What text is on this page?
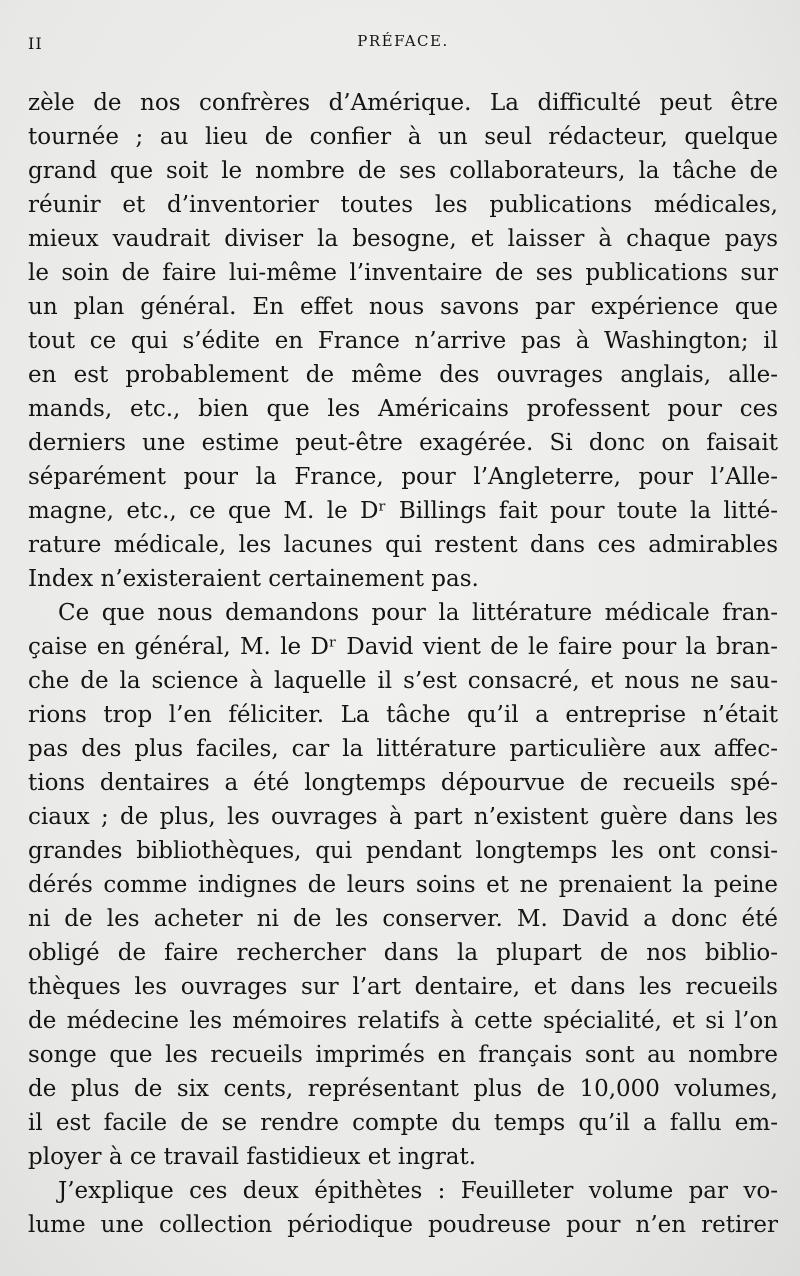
II	PRÉFACE.
zèle de nos confrères d’Amérique. La difficulté peut être
tournée ; au lieu de confier à un seul rédacteur, quelque
grand que soit le nombre de ses collaborateurs, la tâche de
réunir et d’inventorier toutes les publications médicales,
mieux vaudrait diviser la besogne, et laisser à chaque pays
le soin de faire lui-même l’inventaire de ses publications sur
un plan général. En effet nous savons par expérience que
tout ce qui s’édite en France n’arrive pas à Washington; il
en est probablement de même des ouvrages anglais, alle-
mands, etc., bien que les Américains professent pour ces
derniers une estime peut-être exagérée. Si donc on faisait
séparément pour la France, pour l’Angleterre, pour l’Alle-
magne, etc., ce que M. le Dʳ Billings fait pour toute la litté-
rature médicale, les lacunes qui restent dans ces admirables
Index n’existeraient certainement pas.
Ce que nous demandons pour la littérature médicale fran-
çaise en général, M. le Dʳ David vient de le faire pour la bran-
che de la science à laquelle il s’est consacré, et nous ne sau-
rions trop l’en féliciter. La tâche qu’il a entreprise n’était
pas des plus faciles, car la littérature particulière aux affec-
tions dentaires a été longtemps dépourvue de recueils spé-
ciaux ; de plus, les ouvrages à part n’existent guère dans les
grandes bibliothèques, qui pendant longtemps les ont consi-
dérés comme indignes de leurs soins et ne prenaient la peine
ni de les acheter ni de les conserver. M. David a donc été
obligé de faire rechercher dans la plupart de nos biblio-
thèques les ouvrages sur l’art dentaire, et dans les recueils
de médecine les mémoires relatifs à cette spécialité, et si l’on
songe que les recueils imprimés en français sont au nombre
de plus de six cents, représentant plus de 10,000 volumes,
il est facile de se rendre compte du temps qu’il a fallu em-
ployer à ce travail fastidieux et ingrat.
J’explique ces deux épithètes : Feuilleter volume par vo-
lume une collection périodique poudreuse pour n’en retirer
